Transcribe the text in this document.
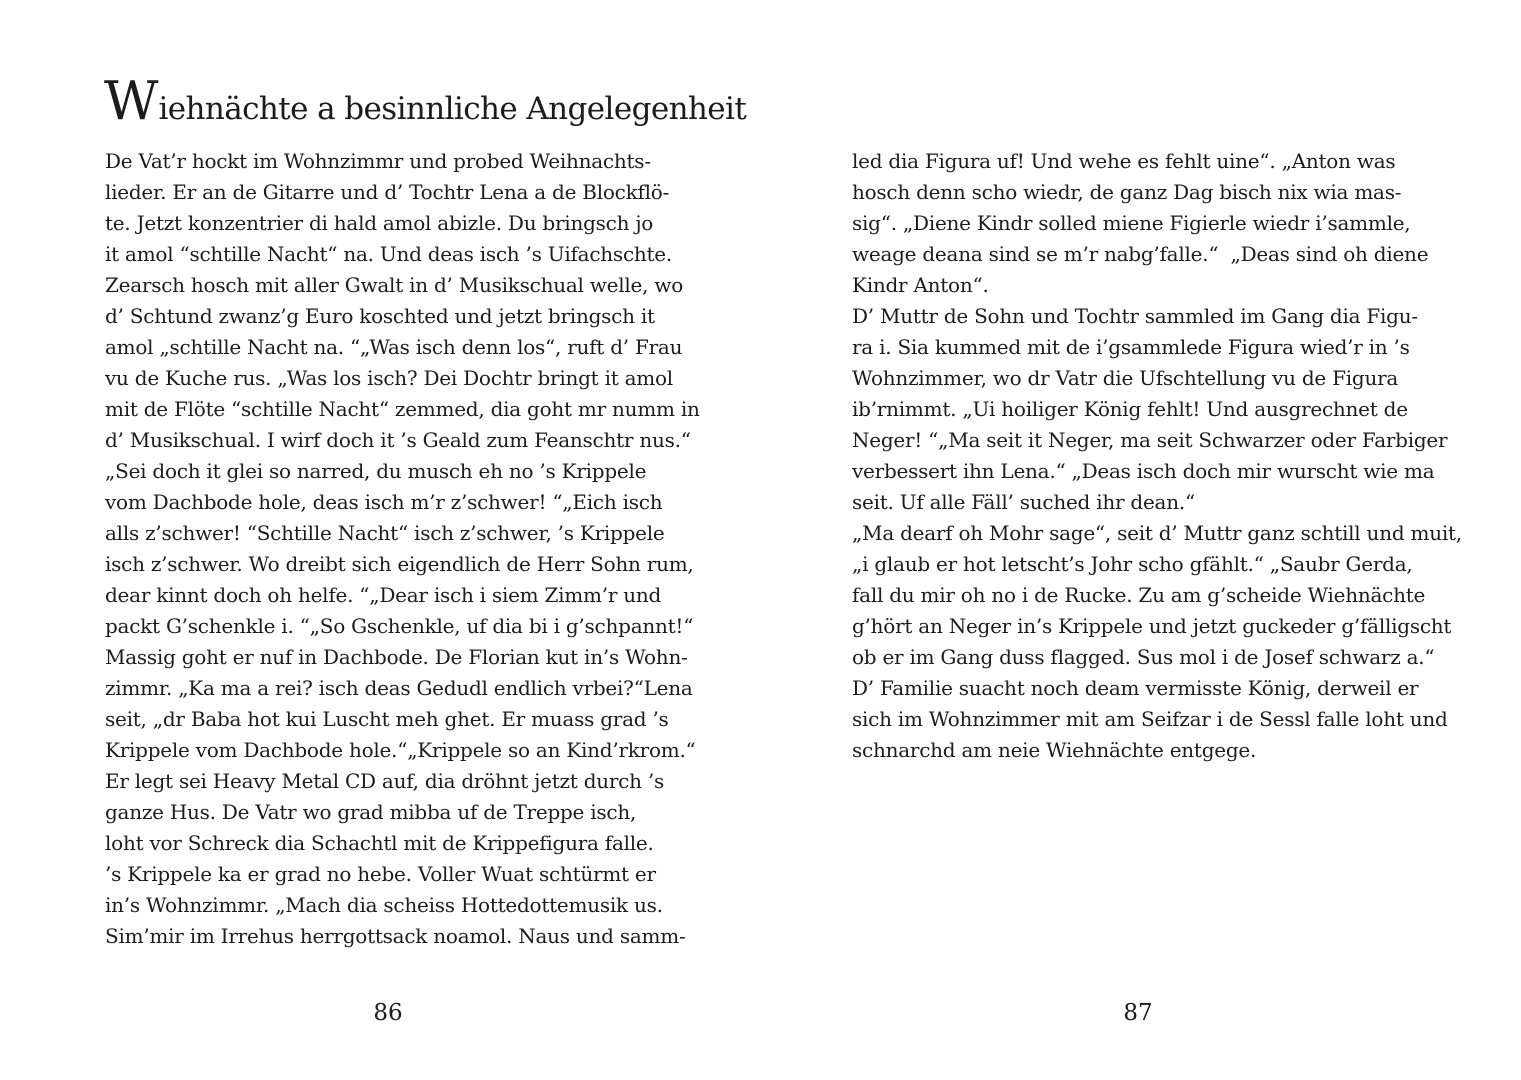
Wiehnächte a besinnliche Angelegenheit
De Vat’r hockt im Wohnzimmr und probed Weihnachts-
lieder. Er an de Gitarre und d’ Tochtr Lena a de Blockflö-
te. Jetzt konzentrier di hald amol abizle. Du bringsch jo
it amol “schtille Nacht“ na. Und deas isch ’s Uifachschte.
Zearsch hosch mit aller Gwalt in d’ Musikschual welle, wo
d’ Schtund zwanz’g Euro koschted und jetzt bringsch it
amol „schtille Nacht na. “„Was isch denn los“, ruft d’ Frau
vu de Kuche rus. „Was los isch? Dei Dochtr bringt it amol
mit de Flöte “schtille Nacht“ zemmed, dia goht mr numm in
d’ Musikschual. I wirf doch it ’s Geald zum Feanschtr nus.“
„Sei doch it glei so narred, du musch eh no ’s Krippele
vom Dachbode hole, deas isch m’r z’schwer! “„Eich isch
alls z’schwer! “Schtille Nacht“ isch z’schwer, ’s Krippele
isch z’schwer. Wo dreibt sich eigendlich de Herr Sohn rum,
dear kinnt doch oh helfe. “„Dear isch i siem Zimm’r und
packt G’schenkle i. “„So Gschenkle, uf dia bi i g’schpannt!“
Massig goht er nuf in Dachbode. De Florian kut in’s Wohn-
zimmr. „Ka ma a rei? isch deas Gedudl endlich vrbei?“Lena
seit, „dr Baba hot kui Luscht meh ghet. Er muass grad ’s
Krippele vom Dachbode hole.“„Krippele so an Kind’rkrom.“
Er legt sei Heavy Metal CD auf, dia dröhnt jetzt durch ’s
ganze Hus. De Vatr wo grad mibba uf de Treppe isch,
loht vor Schreck dia Schachtl mit de Krippefigura falle.
’s Krippele ka er grad no hebe. Voller Wuat schtürmt er
in’s Wohnzimmr. „Mach dia scheiss Hottedottemusik us.
Sim’mir im Irrehus herrgottsack noamol. Naus und samm-
led dia Figura uf! Und wehe es fehlt uine“. „Anton was
hosch denn scho wiedr, de ganz Dag bisch nix wia mas-
sig“. „Diene Kindr solled miene Figierle wiedr i’sammle,
weage deana sind se m’r nabg’falle.“  „Deas sind oh diene
Kindr Anton“.
D’ Muttr de Sohn und Tochtr sammled im Gang dia Figu-
ra i. Sia kummed mit de i’gsammlede Figura wied’r in ’s
Wohnzimmer, wo dr Vatr die Ufschtellung vu de Figura
ib’rnimmt. „Ui hoiliger König fehlt! Und ausgrechnet de
Neger! “„Ma seit it Neger, ma seit Schwarzer oder Farbiger
verbessert ihn Lena.“ „Deas isch doch mir wurscht wie ma
seit. Uf alle Fäll’ suched ihr dean.“
„Ma dearf oh Mohr sage“, seit d’ Muttr ganz schtill und muit,
„i glaub er hot letscht’s Johr scho gfählt.“ „Saubr Gerda,
fall du mir oh no i de Rucke. Zu am g’scheide Wiehnächte
g’hört an Neger in’s Krippele und jetzt guckeder g’fälligscht
ob er im Gang duss flagged. Sus mol i de Josef schwarz a.“
D’ Familie suacht noch deam vermisste König, derweil er
sich im Wohnzimmer mit am Seifzar i de Sessl falle loht und
schnarchd am neie Wiehnächte entgege.
86	87
